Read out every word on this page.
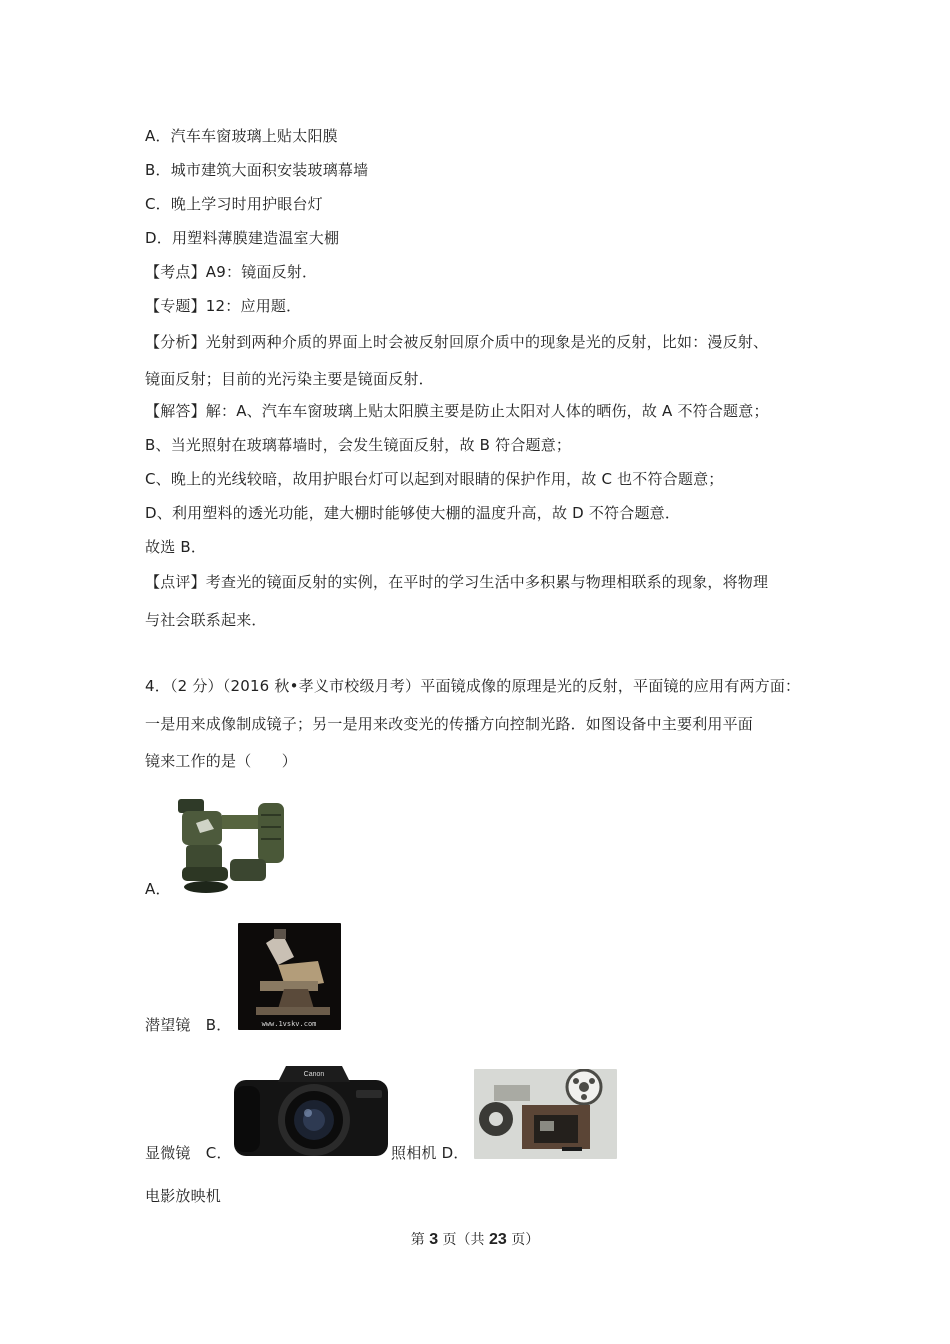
A．汽车车窗玻璃上贴太阳膜
B．城市建筑大面积安装玻璃幕墙
C．晚上学习时用护眼台灯
D．用塑料薄膜建造温室大棚
【考点】A9：镜面反射．
【专题】12：应用题．
【分析】光射到两种介质的界面上时会被反射回原介质中的现象是光的反射，比如：漫反射、
镜面反射；目前的光污染主要是镜面反射．
【解答】解：A、汽车车窗玻璃上贴太阳膜主要是防止太阳对人体的晒伤，故 A 不符合题意；
B、当光照射在玻璃幕墙时，会发生镜面反射，故 B 符合题意；
C、晚上的光线较暗，故用护眼台灯可以起到对眼睛的保护作用，故 C 也不符合题意；
D、利用塑料的透光功能，建大棚时能够使大棚的温度升高，故 D 不符合题意．
故选 B．
【点评】考查光的镜面反射的实例，在平时的学习生活中多积累与物理相联系的现象，将物理
与社会联系起来．
4．（2 分）（2016 秋•孝义市校级月考）平面镜成像的原理是光的反射，平面镜的应用有两方面：
一是用来成像制成镜子；另一是用来改变光的传播方向控制光路．如图设备中主要利用平面
镜来工作的是（　　）
A．
www.1vskv.com
潜望镜　B．
Canon
显微镜　C．	照相机 D．
电影放映机
第 3 页（共 23 页）
